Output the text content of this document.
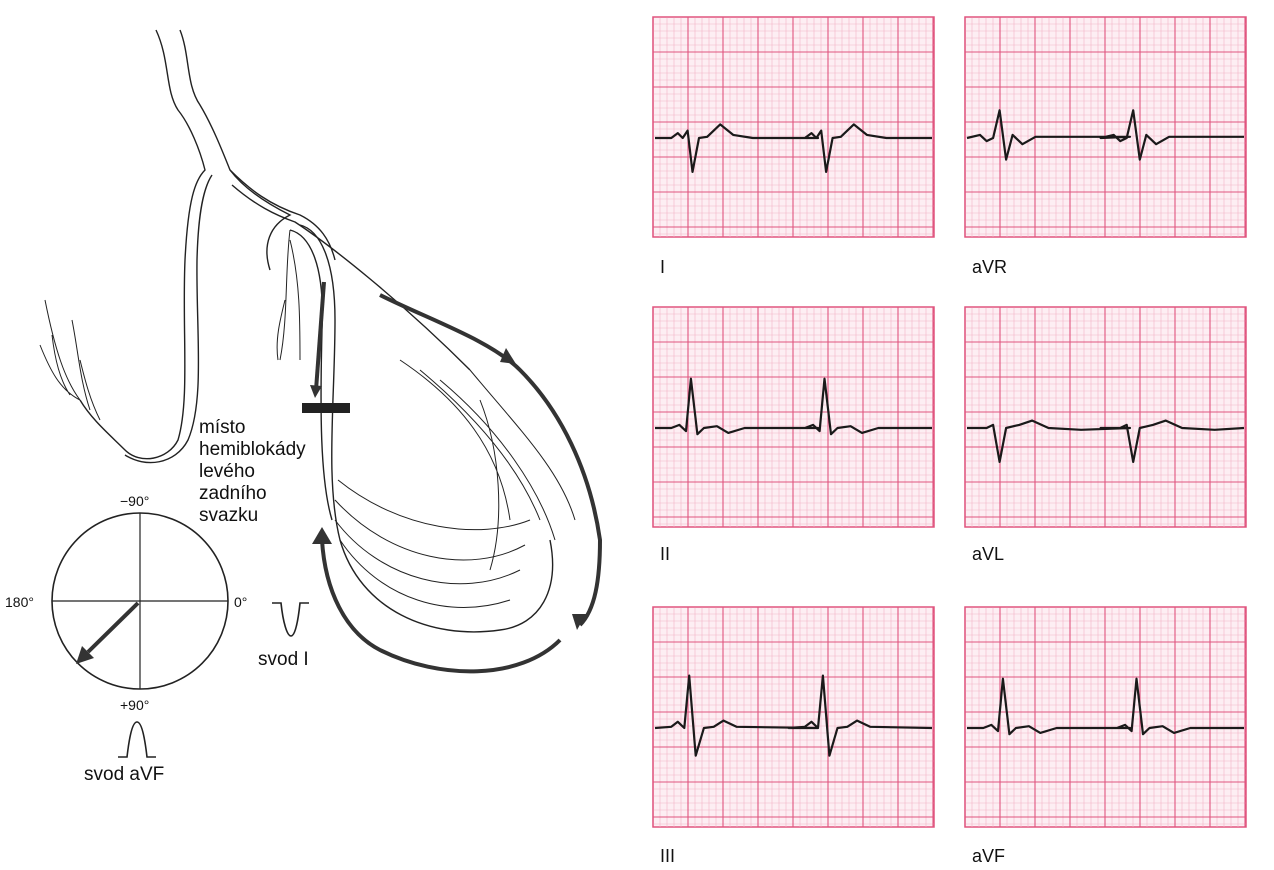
místo hemiblokády levého zadního svazku
−90°
0°
180°
+90°
svod I
svod aVF
I	aVR
II	aVL
III	aVF
